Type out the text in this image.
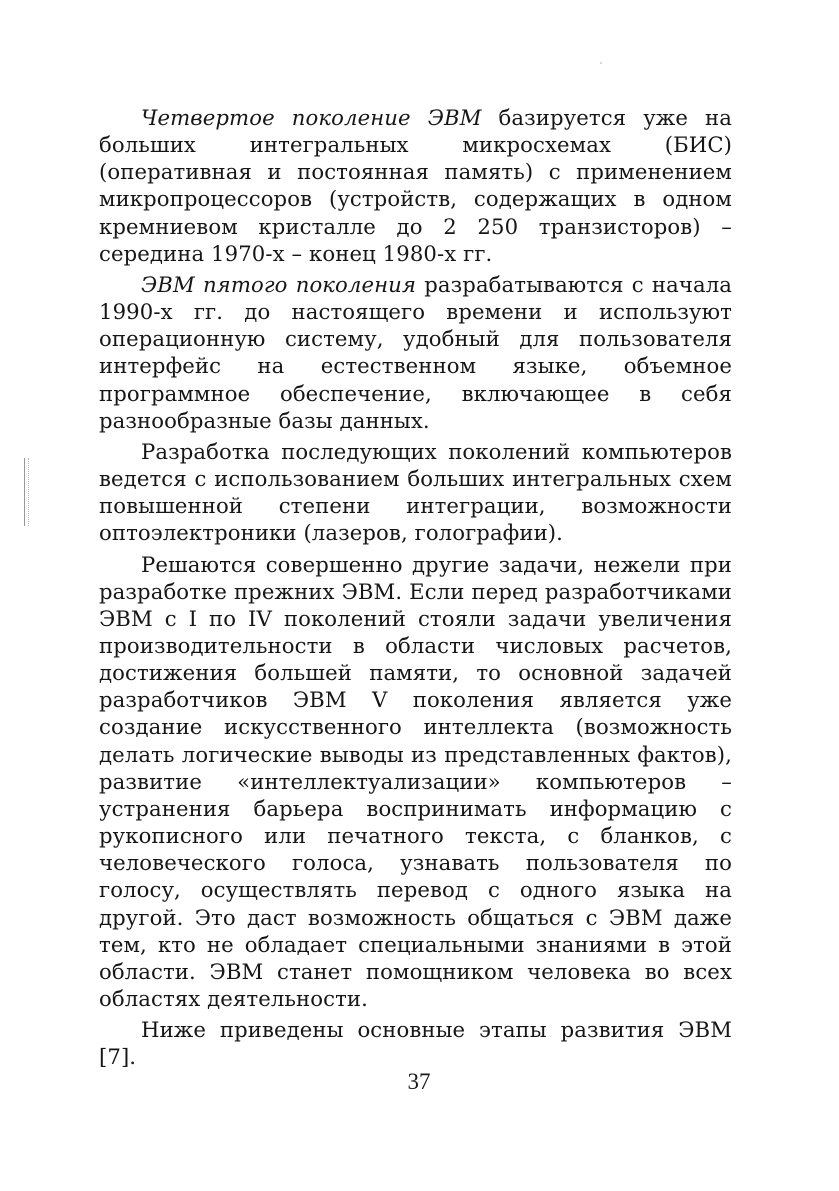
Четвертое поколение ЭВМ базируется уже на больших интегральных микросхемах (БИС) (оперативная и постоянная память) с применением микропроцессоров (устройств, содержащих в одном кремниевом кристалле до 2 250 транзисторов) – середина 1970-х – конец 1980-х гг.

ЭВМ пятого поколения разрабатываются с начала 1990-х гг. до настоящего времени и используют операционную систему, удобный для пользователя интерфейс на естественном языке, объемное программное обеспечение, включающее в себя разнообразные базы данных.

Разработка последующих поколений компьютеров ведется с использованием больших интегральных схем повышенной степени интеграции, возможности оптоэлектроники (лазеров, голографии).

Решаются совершенно другие задачи, нежели при разработке прежних ЭВМ. Если перед разработчиками ЭВМ с I по IV поколений стояли задачи увеличения производительности в области числовых расчетов, достижения большей памяти, то основной задачей разработчиков ЭВМ V поколения является уже создание искусственного интеллекта (возможность делать логические выводы из представленных фактов), развитие «интеллектуализации» компьютеров – устранения барьера воспринимать информацию с рукописного или печатного текста, с бланков, с человеческого голоса, узнавать пользователя по голосу, осуществлять перевод с одного языка на другой. Это даст возможность общаться с ЭВМ даже тем, кто не обладает специальными знаниями в этой области. ЭВМ станет помощником человека во всех областях деятельности.

Ниже приведены основные этапы развития ЭВМ [7].

37
